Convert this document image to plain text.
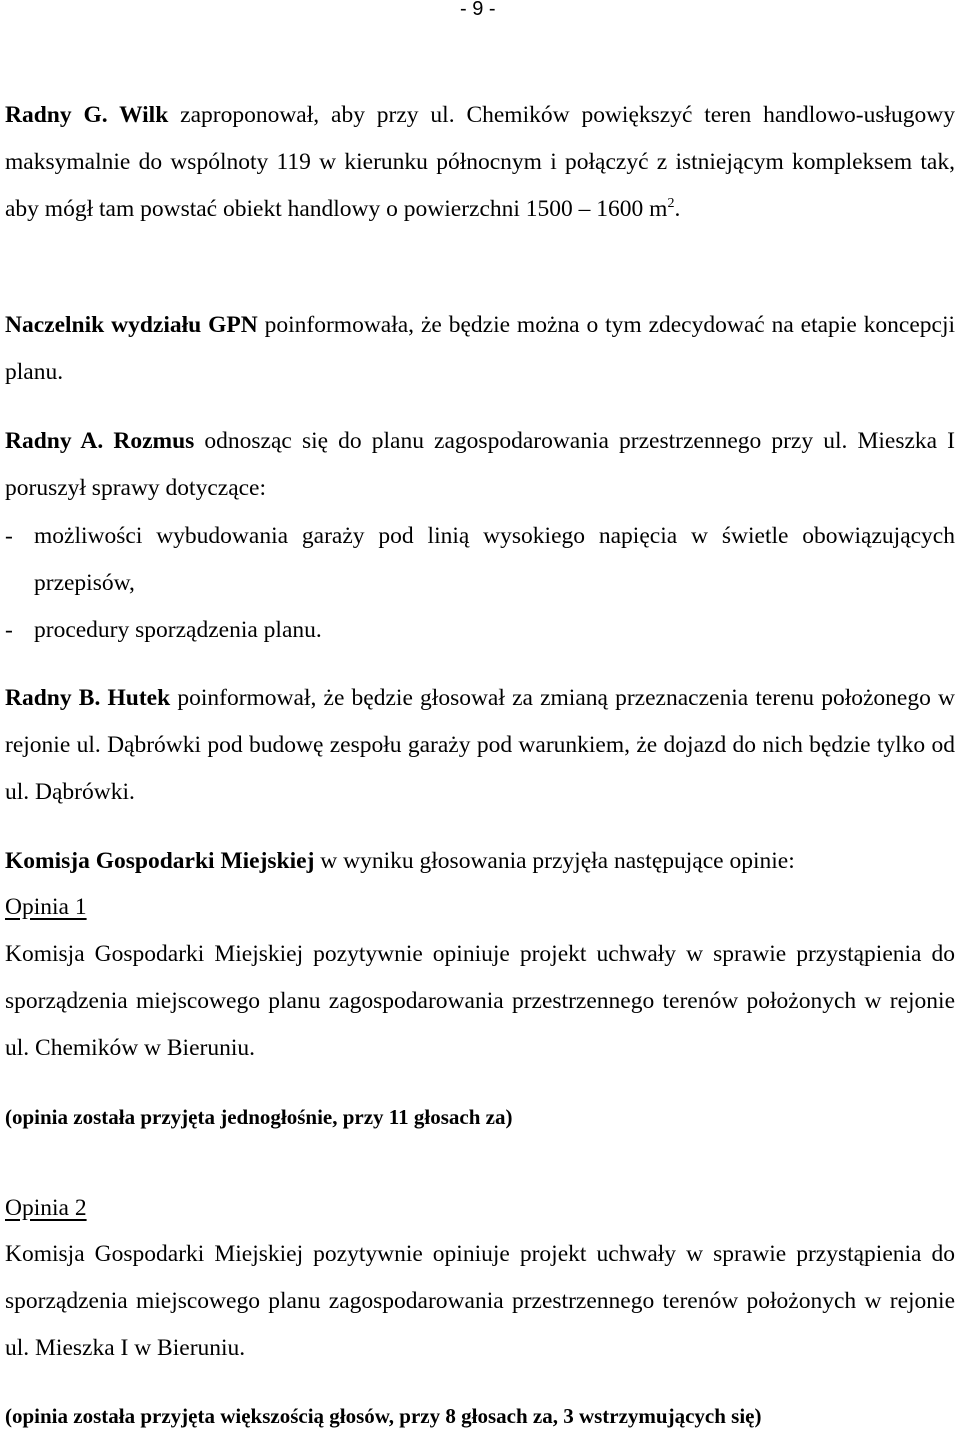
- 9 -

Radny G. Wilk zaproponował, aby przy ul. Chemików powiększyć teren handlowo-usługowy maksymalnie do wspólnoty 119 w kierunku północnym i połączyć z istniejącym kompleksem tak, aby mógł tam powstać obiekt handlowy o powierzchni 1500 – 1600 $m^2$.

Naczelnik wydziału GPN poinformowała, że będzie można o tym zdecydować na etapie koncepcji planu.

Radny A. Rozmus odnosząc się do planu zagospodarowania przestrzennego przy ul. Mieszka I poruszył sprawy dotyczące:

- możliwości wybudowania garaży pod linią wysokiego napięcia w świetle obowiązujących przepisów,
- procedury sporządzenia planu.

Radny B. Hutek poinformował, że będzie głosował za zmianą przeznaczenia terenu położonego w rejonie ul. Dąbrówki pod budowę zespołu garaży pod warunkiem, że dojazd do nich będzie tylko od ul. Dąbrówki.

Komisja Gospodarki Miejskiej w wyniku głosowania przyjęła następujące opinie:

Opinia 1

Komisja Gospodarki Miejskiej pozytywnie opiniuje projekt uchwały w sprawie przystąpienia do sporządzenia miejscowego planu zagospodarowania przestrzennego terenów położonych w rejonie ul. Chemików w Bieruniu.

(opinia została przyjęta jednogłośnie, przy 11 głosach za)

Opinia 2

Komisja Gospodarki Miejskiej pozytywnie opiniuje projekt uchwały w sprawie przystąpienia do sporządzenia miejscowego planu zagospodarowania przestrzennego terenów położonych w rejonie ul. Mieszka I w Bieruniu.

(opinia została przyjęta większością głosów, przy 8 głosach za, 3 wstrzymujących się)
